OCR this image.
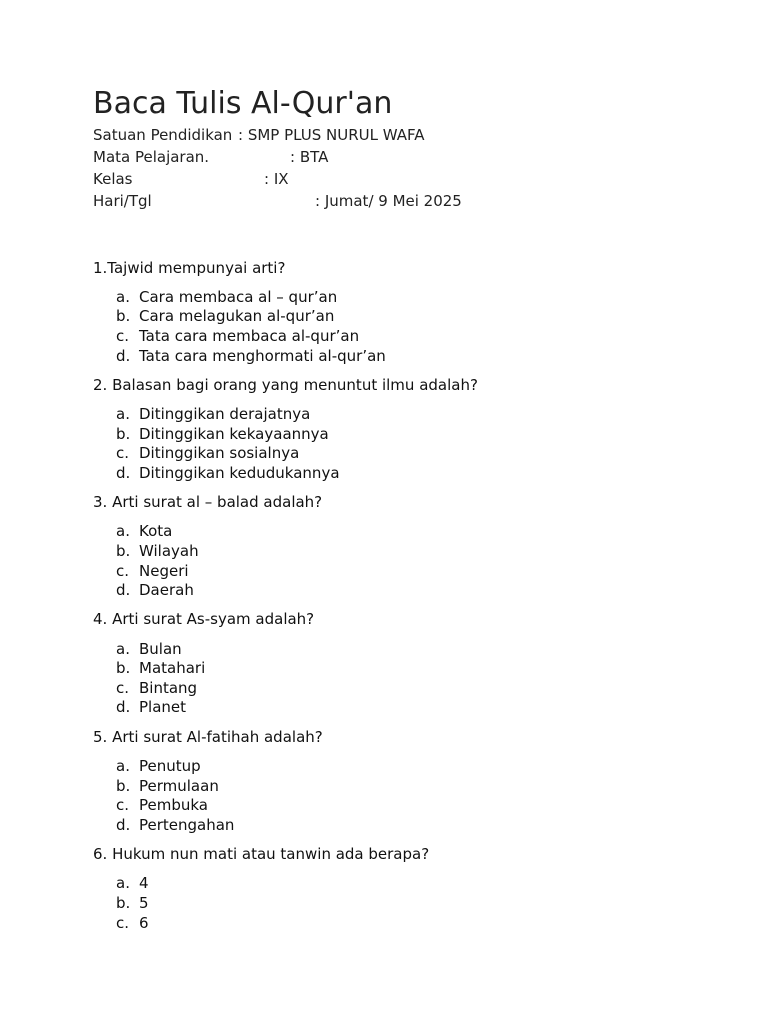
Baca Tulis Al-Qur'an
Satuan Pendidikan : SMP PLUS NURUL WAFA
Mata Pelajaran.	: BTA
Kelas	: IX
Hari/Tgl	: Jumat/ 9 Mei 2025
1.Tajwid mempunyai arti?
a. Cara membaca al – qur’an
b. Cara melagukan al-qur’an
c. Tata cara membaca al-qur’an
d. Tata cara menghormati al-qur’an
2. Balasan bagi orang yang menuntut ilmu adalah?
a. Ditinggikan derajatnya
b. Ditinggikan kekayaannya
c. Ditinggikan sosialnya
d. Ditinggikan kedudukannya
3. Arti surat al – balad adalah?
a. Kota
b. Wilayah
c. Negeri
d. Daerah
4. Arti surat As-syam adalah?
a. Bulan
b. Matahari
c. Bintang
d. Planet
5. Arti surat Al-fatihah adalah?
a. Penutup
b. Permulaan
c. Pembuka
d. Pertengahan
6. Hukum nun mati atau tanwin ada berapa?
a. 4
b. 5
c. 6
